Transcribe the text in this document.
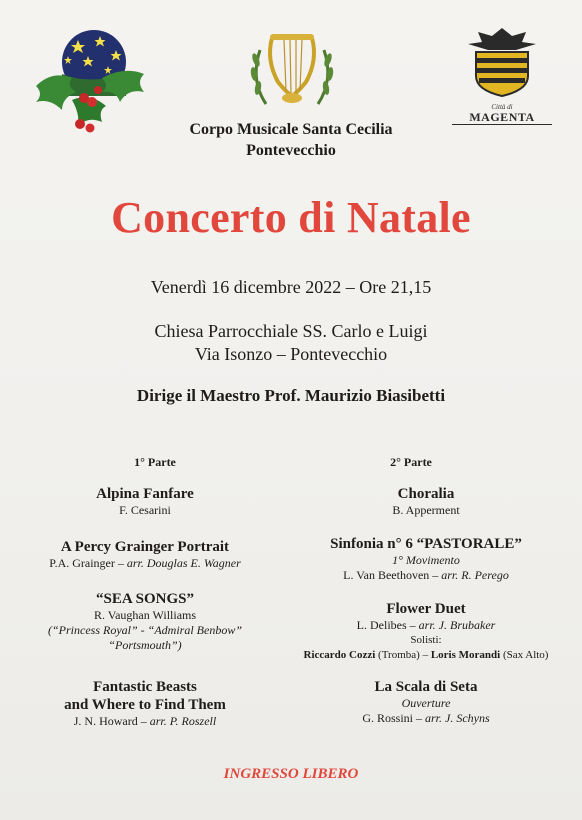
Città di
MAGENTA
Corpo Musicale Santa Cecilia
Pontevecchio
Concerto di Natale
Venerdì 16 dicembre 2022 – Ore 21,15
Chiesa Parrocchiale SS. Carlo e Luigi
Via Isonzo – Pontevecchio
Dirige il Maestro Prof. Maurizio Biasibetti
1° Parte	2° Parte
Alpina Fanfare
F. Cesarini
A Percy Grainger Portrait
P.A. Grainger – arr. Douglas E. Wagner
“SEA SONGS”
R. Vaughan Williams
(“Princess Royal” - “Admiral Benbow”
“Portsmouth”)
Fantastic Beasts
and Where to Find Them
J. N. Howard – arr. P. Roszell
Choralia
B. Apperment
Sinfonia n° 6 “PASTORALE”
1° Movimento
L. Van Beethoven – arr. R. Perego
Flower Duet
L. Delibes – arr. J. Brubaker
Solisti:
Riccardo Cozzi (Tromba) – Loris Morandi (Sax Alto)
La Scala di Seta
Ouverture
G. Rossini – arr. J. Schyns
INGRESSO LIBERO
